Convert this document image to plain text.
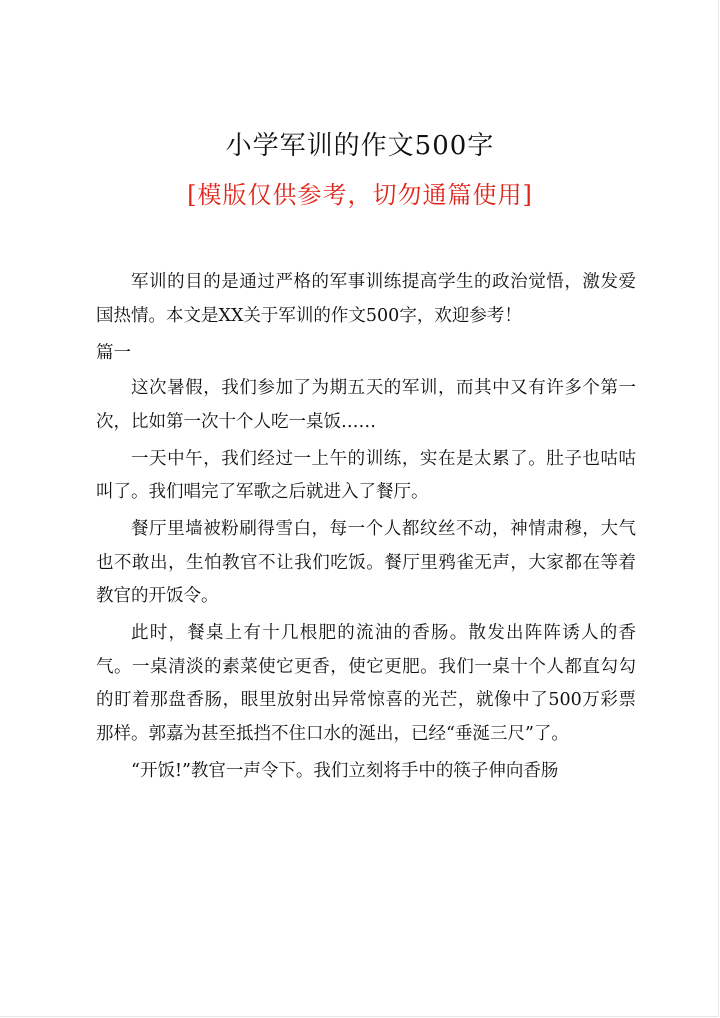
小学军训的作文500字
[模版仅供参考，切勿通篇使用]

军训的目的是通过严格的军事训练提高学生的政治觉悟，激发爱国热情。本文是XX关于军训的作文500字，欢迎参考！

篇一

这次暑假，我们参加了为期五天的军训，而其中又有许多个第一次，比如第一次十个人吃一桌饭……

一天中午，我们经过一上午的训练，实在是太累了。肚子也咕咕叫了。我们唱完了军歌之后就进入了餐厅。

餐厅里墙被粉刷得雪白，每一个人都纹丝不动，神情肃穆，大气也不敢出，生怕教官不让我们吃饭。餐厅里鸦雀无声，大家都在等着教官的开饭令。

此时，餐桌上有十几根肥的流油的香肠。散发出阵阵诱人的香气。一桌清淡的素菜使它更香，使它更肥。我们一桌十个人都直勾勾的盯着那盘香肠，眼里放射出异常惊喜的光芒，就像中了500万彩票那样。郭嘉为甚至抵挡不住口水的涎出，已经“垂涎三尺”了。

“开饭!”教官一声令下。我们立刻将手中的筷子伸向香肠
